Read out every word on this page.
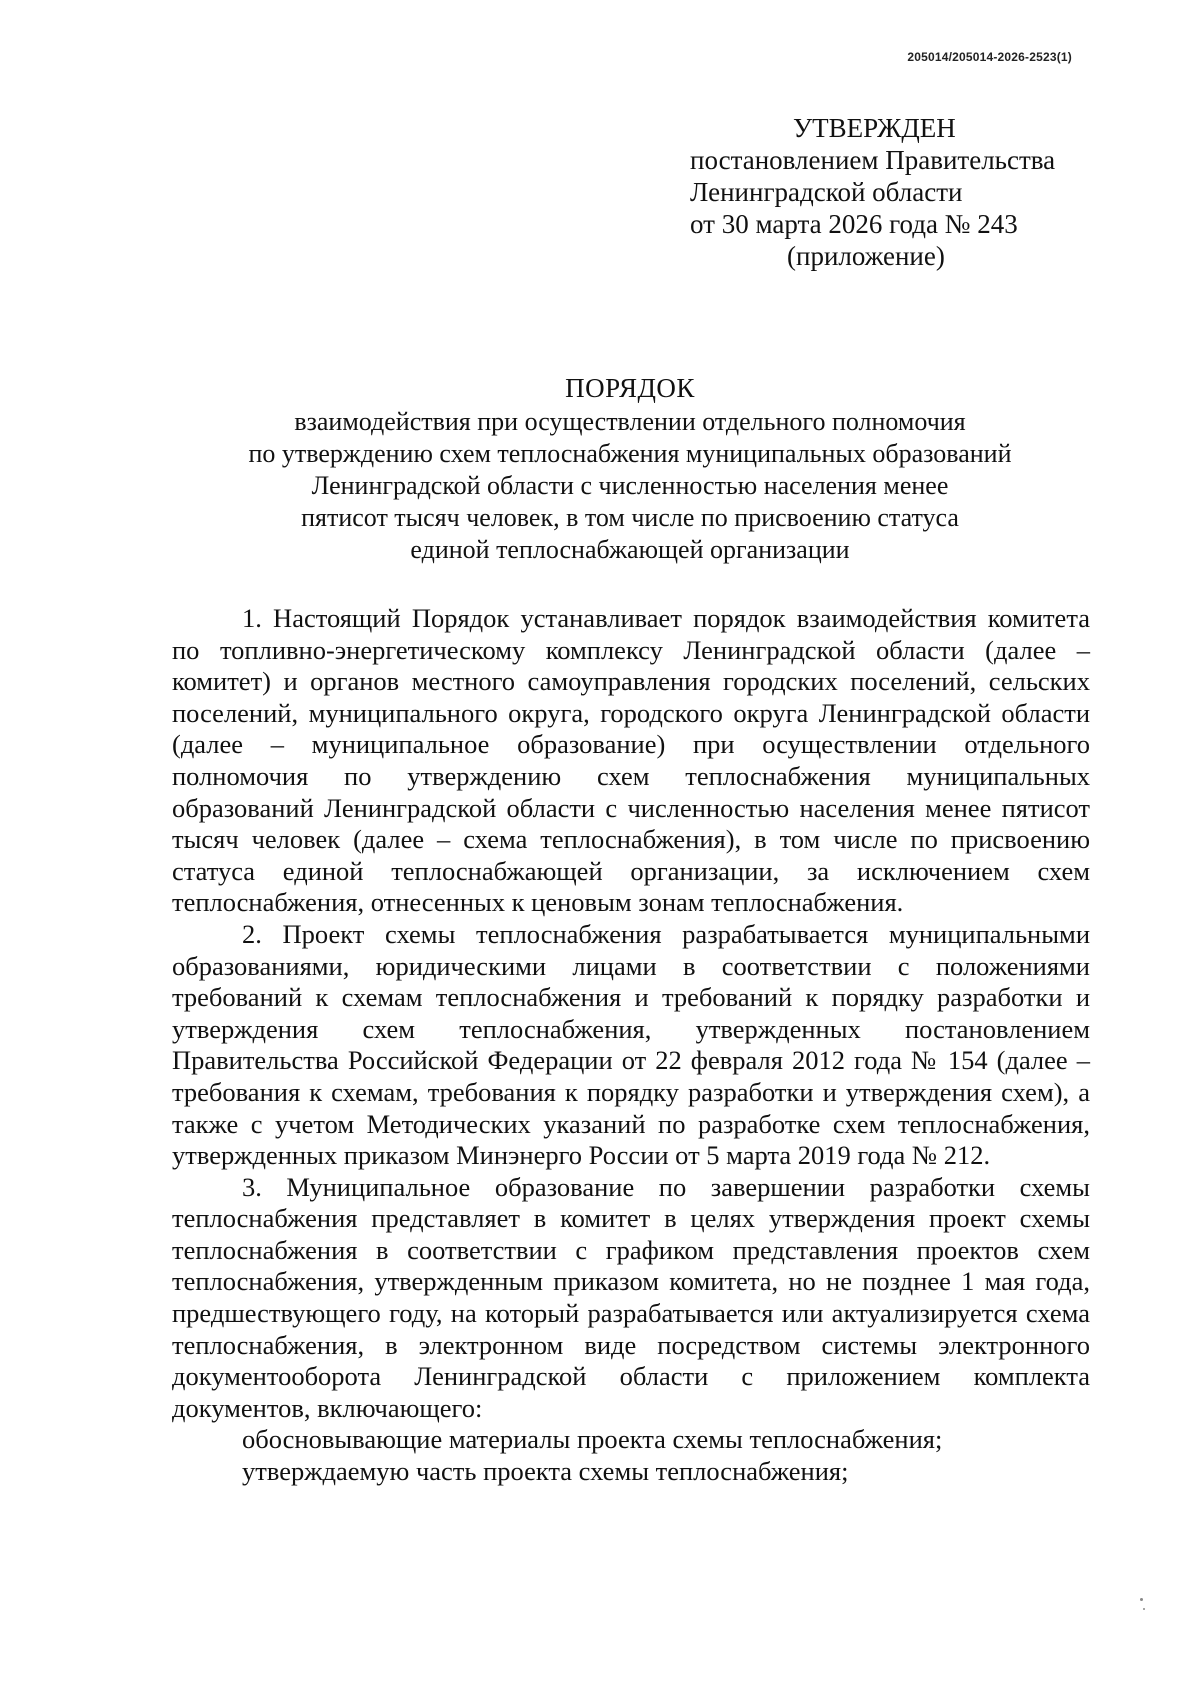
205014/205014-2026-2523(1)
УТВЕРЖДЕН
постановлением Правительства
Ленинградской области
от 30 марта 2026 года № 243
(приложение)
ПОРЯДОК
взаимодействия при осуществлении отдельного полномочия
по утверждению схем теплоснабжения муниципальных образований
Ленинградской области с численностью населения менее
пятисот тысяч человек, в том числе по присвоению статуса
единой теплоснабжающей организации

1. Настоящий Порядок устанавливает порядок взаимодействия комитета по топливно-энергетическому комплексу Ленинградской области (далее – комитет) и органов местного самоуправления городских поселений, сельских поселений, муниципального округа, городского округа Ленинградской области (далее – муниципальное образование) при осуществлении отдельного полномочия по утверждению схем теплоснабжения муниципальных образований Ленинградской области с численностью населения менее пятисот тысяч человек (далее – схема теплоснабжения), в том числе по присвоению статуса единой теплоснабжающей организации, за исключением схем теплоснабжения, отнесенных к ценовым зонам теплоснабжения.

2. Проект схемы теплоснабжения разрабатывается муниципальными образованиями, юридическими лицами в соответствии с положениями требований к схемам теплоснабжения и требований к порядку разработки и утверждения схем теплоснабжения, утвержденных постановлением Правительства Российской Федерации от 22 февраля 2012 года № 154 (далее – требования к схемам, требования к порядку разработки и утверждения схем), а также с учетом Методических указаний по разработке схем теплоснабжения, утвержденных приказом Минэнерго России от 5 марта 2019 года № 212.

3. Муниципальное образование по завершении разработки схемы теплоснабжения представляет в комитет в целях утверждения проект схемы теплоснабжения в соответствии с графиком представления проектов схем теплоснабжения, утвержденным приказом комитета, но не позднее 1 мая года, предшествующего году, на который разрабатывается или актуализируется схема теплоснабжения, в электронном виде посредством системы электронного документооборота Ленинградской области с приложением комплекта документов, включающего:

обосновывающие материалы проекта схемы теплоснабжения;

утверждаемую часть проекта схемы теплоснабжения;
